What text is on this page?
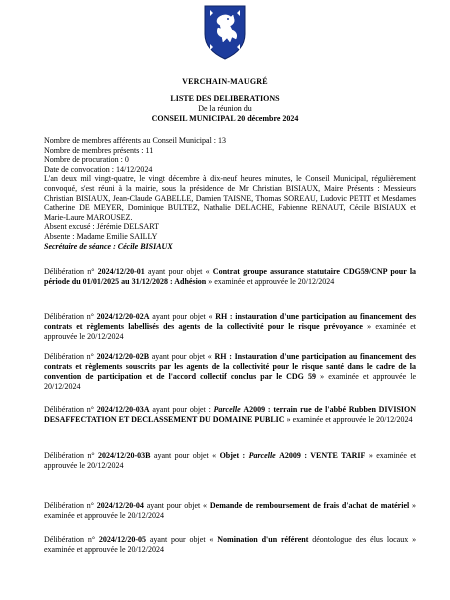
VERCHAIN-MAUGRÉ
LISTE DES DELIBERATIONS
De la réunion du
CONSEIL MUNICIPAL 20 décembre 2024
Nombre de membres afférents au Conseil Municipal : 13
Nombre de membres présents : 11
Nombre de procuration : 0
Date de convocation : 14/12/2024
L'an deux mil vingt-quatre, le vingt décembre à dix-neuf heures minutes, le Conseil Municipal, régulièrement convoqué, s'est réuni à la mairie, sous la présidence de Mr Christian BISIAUX, Maire Présents : Messieurs Christian BISIAUX, Jean-Claude GABELLE, Damien TAISNE, Thomas SOREAU, Ludovic PETIT et Mesdames Catherine DE MEYER, Dominique BULTEZ, Nathalie DELACHE, Fabienne RENAUT, Cécile BISIAUX et Marie-Laure MAROUSEZ.
Absent excusé : Jérémie DELSART
Absente : Madame Emilie SAILLY
Secrétaire de séance : Cécile BISIAUX
Délibération n° 2024/12/20-01 ayant pour objet « Contrat groupe assurance statutaire CDG59/CNP pour la période du 01/01/2025 au 31/12/2028 : Adhésion » examinée et approuvée le 20/12/2024
Délibération n° 2024/12/20-02A ayant pour objet « RH : instauration d'une participation au financement des contrats et règlements labellisés des agents de la collectivité pour le risque prévoyance » examinée et approuvée le 20/12/2024
Délibération n° 2024/12/20-02B ayant pour objet « RH : Instauration d'une participation au financement des contrats et règlements souscrits par les agents de la collectivité pour le risque santé dans le cadre de la convention de participation et de l'accord collectif conclus par le CDG 59 » examinée et approuvée le 20/12/2024
Délibération n° 2024/12/20-03A ayant pour objet : Parcelle A2009 : terrain rue de l'abbé Rubben DIVISION DESAFFECTATION ET DECLASSEMENT DU DOMAINE PUBLIC » examinée et approuvée le 20/12/2024
Délibération n° 2024/12/20-03B ayant pour objet « Objet : Parcelle A2009 : VENTE TARIF » examinée et approuvée le 20/12/2024
Délibération n° 2024/12/20-04 ayant pour objet « Demande de remboursement de frais d'achat de matériel » examinée et approuvée le 20/12/2024
Délibération n° 2024/12/20-05 ayant pour objet « Nomination d'un référent déontologue des élus locaux » examinée et approuvée le 20/12/2024
